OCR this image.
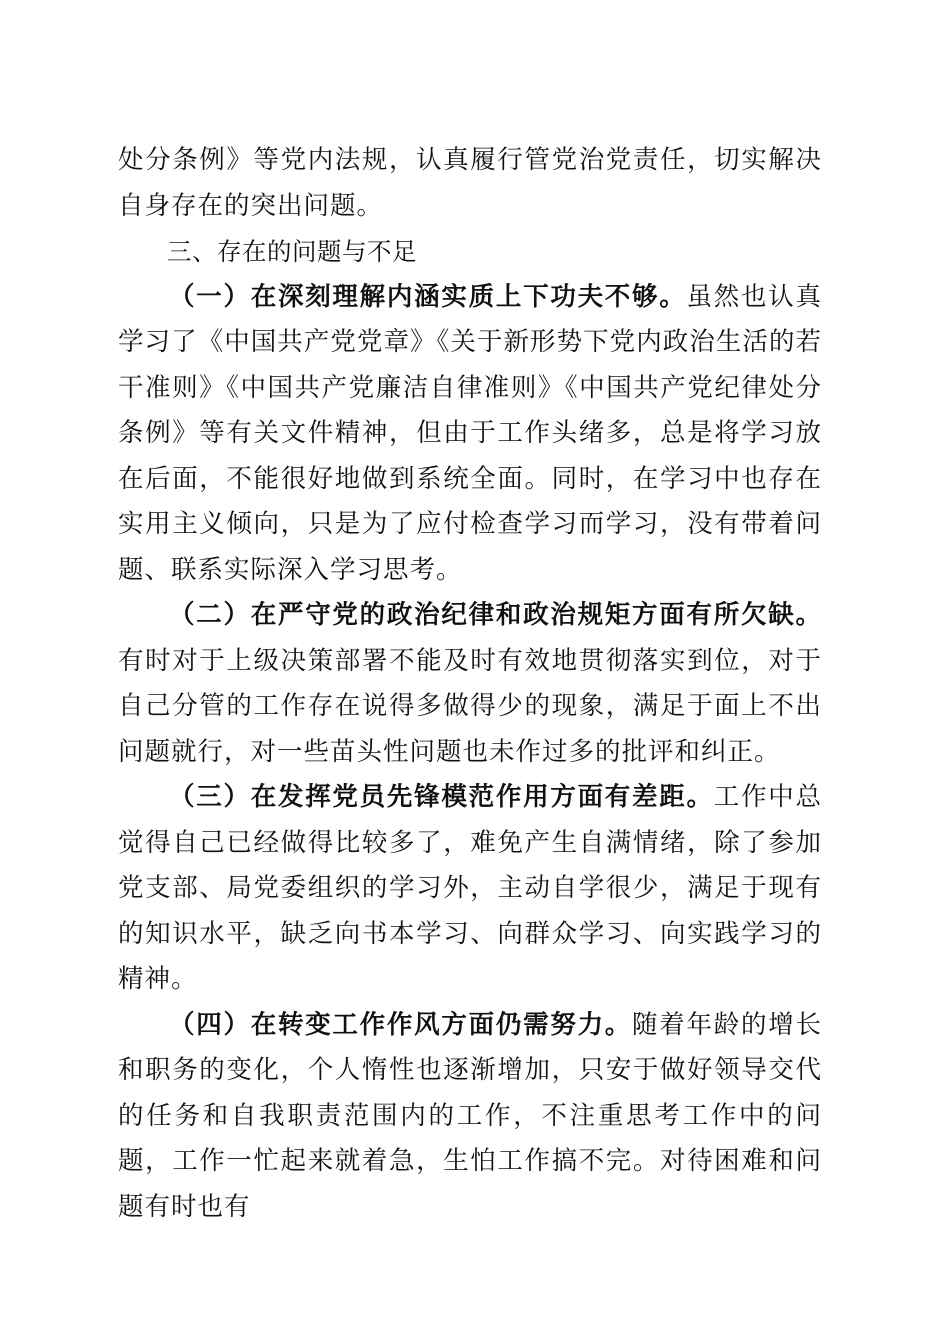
处分条例》等党内法规，认真履行管党治党责任，切实解决自身存在的突出问题。

三、存在的问题与不足

（一）在深刻理解内涵实质上下功夫不够。虽然也认真学习了《中国共产党党章》《关于新形势下党内政治生活的若干准则》《中国共产党廉洁自律准则》《中国共产党纪律处分条例》等有关文件精神，但由于工作头绪多，总是将学习放在后面，不能很好地做到系统全面。同时，在学习中也存在实用主义倾向，只是为了应付检查学习而学习，没有带着问题、联系实际深入学习思考。

（二）在严守党的政治纪律和政治规矩方面有所欠缺。有时对于上级决策部署不能及时有效地贯彻落实到位，对于自己分管的工作存在说得多做得少的现象，满足于面上不出问题就行，对一些苗头性问题也未作过多的批评和纠正。

（三）在发挥党员先锋模范作用方面有差距。工作中总觉得自己已经做得比较多了，难免产生自满情绪，除了参加党支部、局党委组织的学习外，主动自学很少，满足于现有的知识水平，缺乏向书本学习、向群众学习、向实践学习的精神。

（四）在转变工作作风方面仍需努力。随着年龄的增长和职务的变化，个人惰性也逐渐增加，只安于做好领导交代的任务和自我职责范围内的工作，不注重思考工作中的问题，工作一忙起来就着急，生怕工作搞不完。对待困难和问题有时也有
